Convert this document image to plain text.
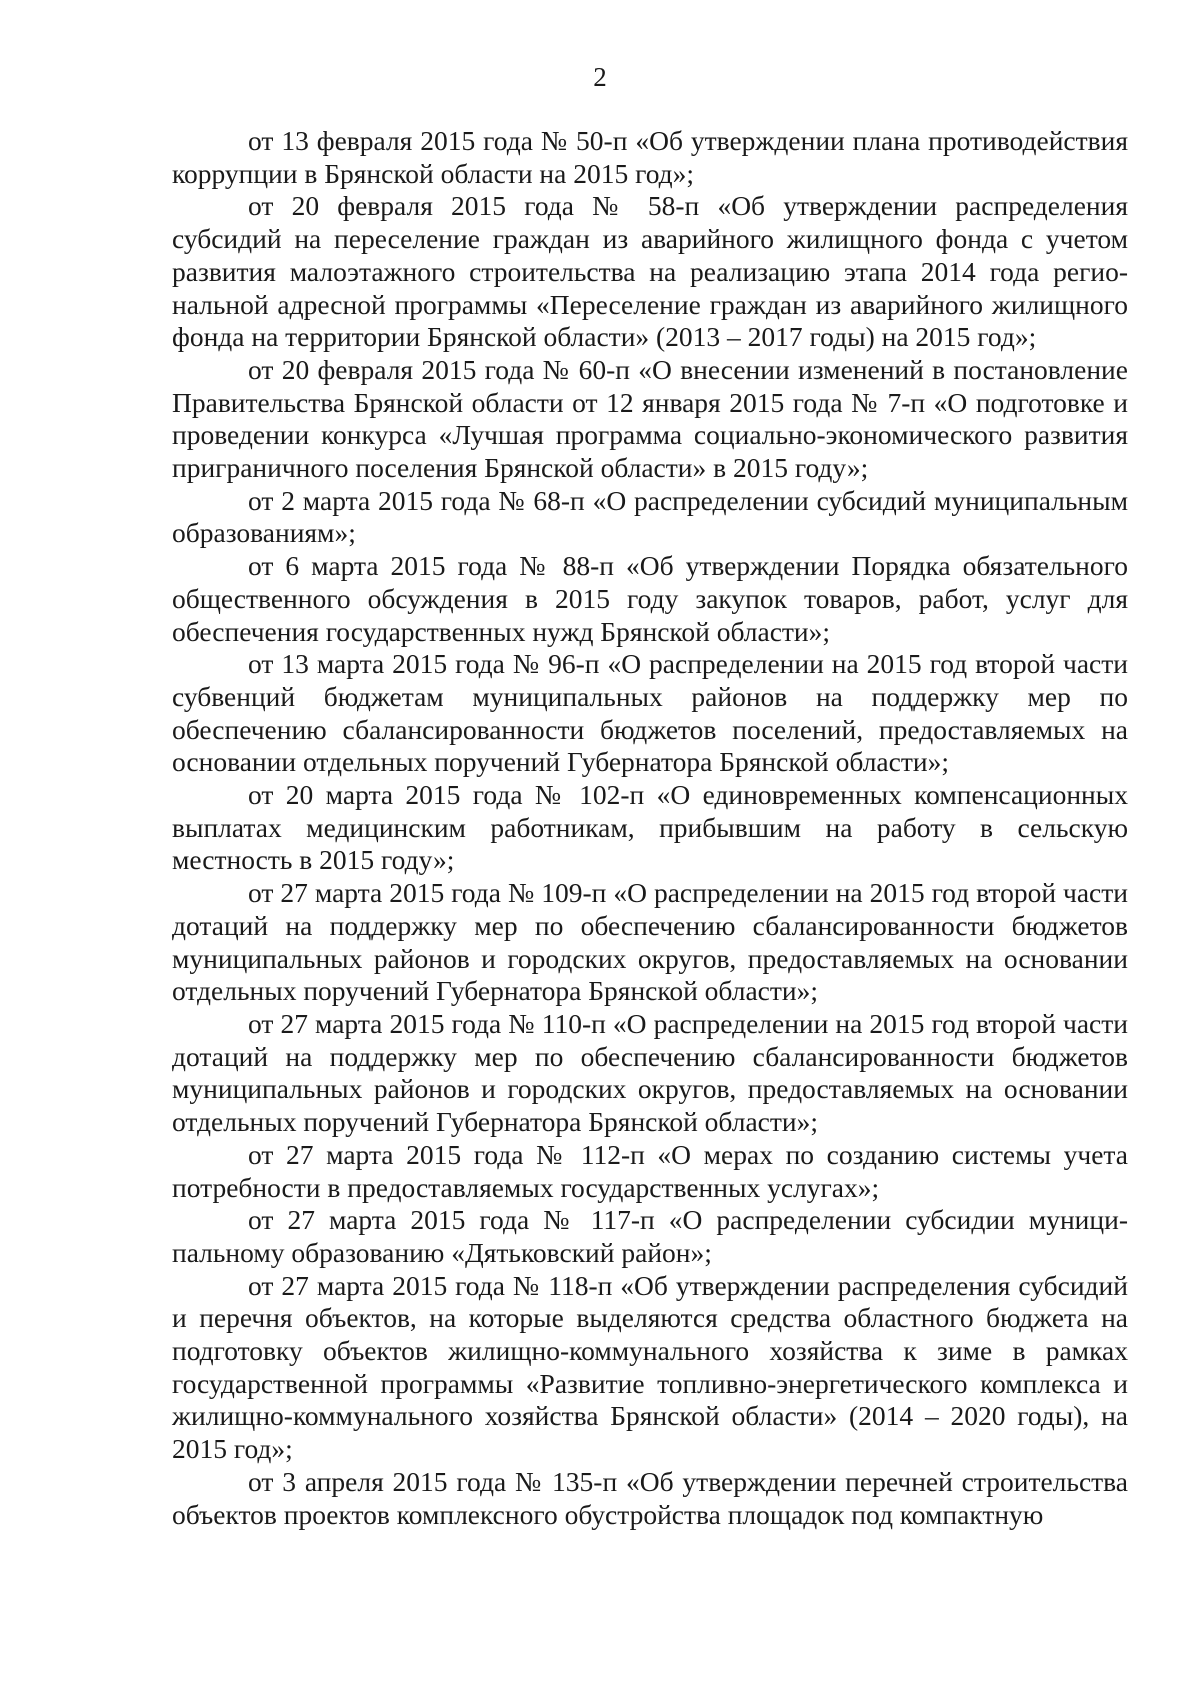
2

от 13 февраля 2015 года № 50-п «Об утверждении плана противодействия коррупции в Брянской области на 2015 год»;

от 20 февраля 2015 года № 58-п «Об утверждении распределения субсидий на переселение граждан из аварийного жилищного фонда с учетом развития малоэтажного строительства на реализацию этапа 2014 года региональной адресной программы «Переселение граждан из аварийного жилищного фонда на территории Брянской области» (2013 – 2017 годы) на 2015 год»;

от 20 февраля 2015 года № 60-п «О внесении изменений в постановление Правительства Брянской области от 12 января 2015 года № 7-п «О подготовке и проведении конкурса «Лучшая программа социально-экономического развития приграничного поселения Брянской области» в 2015 году»;

от 2 марта 2015 года № 68-п «О распределении субсидий муниципальным образованиям»;

от 6 марта 2015 года № 88-п «Об утверждении Порядка обязательного общественного обсуждения в 2015 году закупок товаров, работ, услуг для обеспечения государственных нужд Брянской области»;

от 13 марта 2015 года № 96-п «О распределении на 2015 год второй части субвенций бюджетам муниципальных районов на поддержку мер по обеспечению сбалансированности бюджетов поселений, предоставляемых на основании отдельных поручений Губернатора Брянской области»;

от 20 марта 2015 года № 102-п «О единовременных компенсационных выплатах медицинским работникам, прибывшим на работу в сельскую местность в 2015 году»;

от 27 марта 2015 года № 109-п «О распределении на 2015 год второй части дотаций на поддержку мер по обеспечению сбалансированности бюджетов муниципальных районов и городских округов, предоставляемых на основании отдельных поручений Губернатора Брянской области»;

от 27 марта 2015 года № 110-п «О распределении на 2015 год второй части дотаций на поддержку мер по обеспечению сбалансированности бюджетов муниципальных районов и городских округов, предоставляемых на основании отдельных поручений Губернатора Брянской области»;

от 27 марта 2015 года № 112-п «О мерах по созданию системы учета потребности в предоставляемых государственных услугах»;

от 27 марта 2015 года № 117-п «О распределении субсидии муниципальному образованию «Дятьковский район»;

от 27 марта 2015 года № 118-п «Об утверждении распределения субсидий и перечня объектов, на которые выделяются средства областного бюджета на подготовку объектов жилищно-коммунального хозяйства к зиме в рамках государственной программы «Развитие топливно-энергетического комплекса и жилищно-коммунального хозяйства Брянской области» (2014 – 2020 годы), на 2015 год»;

от 3 апреля 2015 года № 135-п «Об утверждении перечней строительства объектов проектов комплексного обустройства площадок под компактную
